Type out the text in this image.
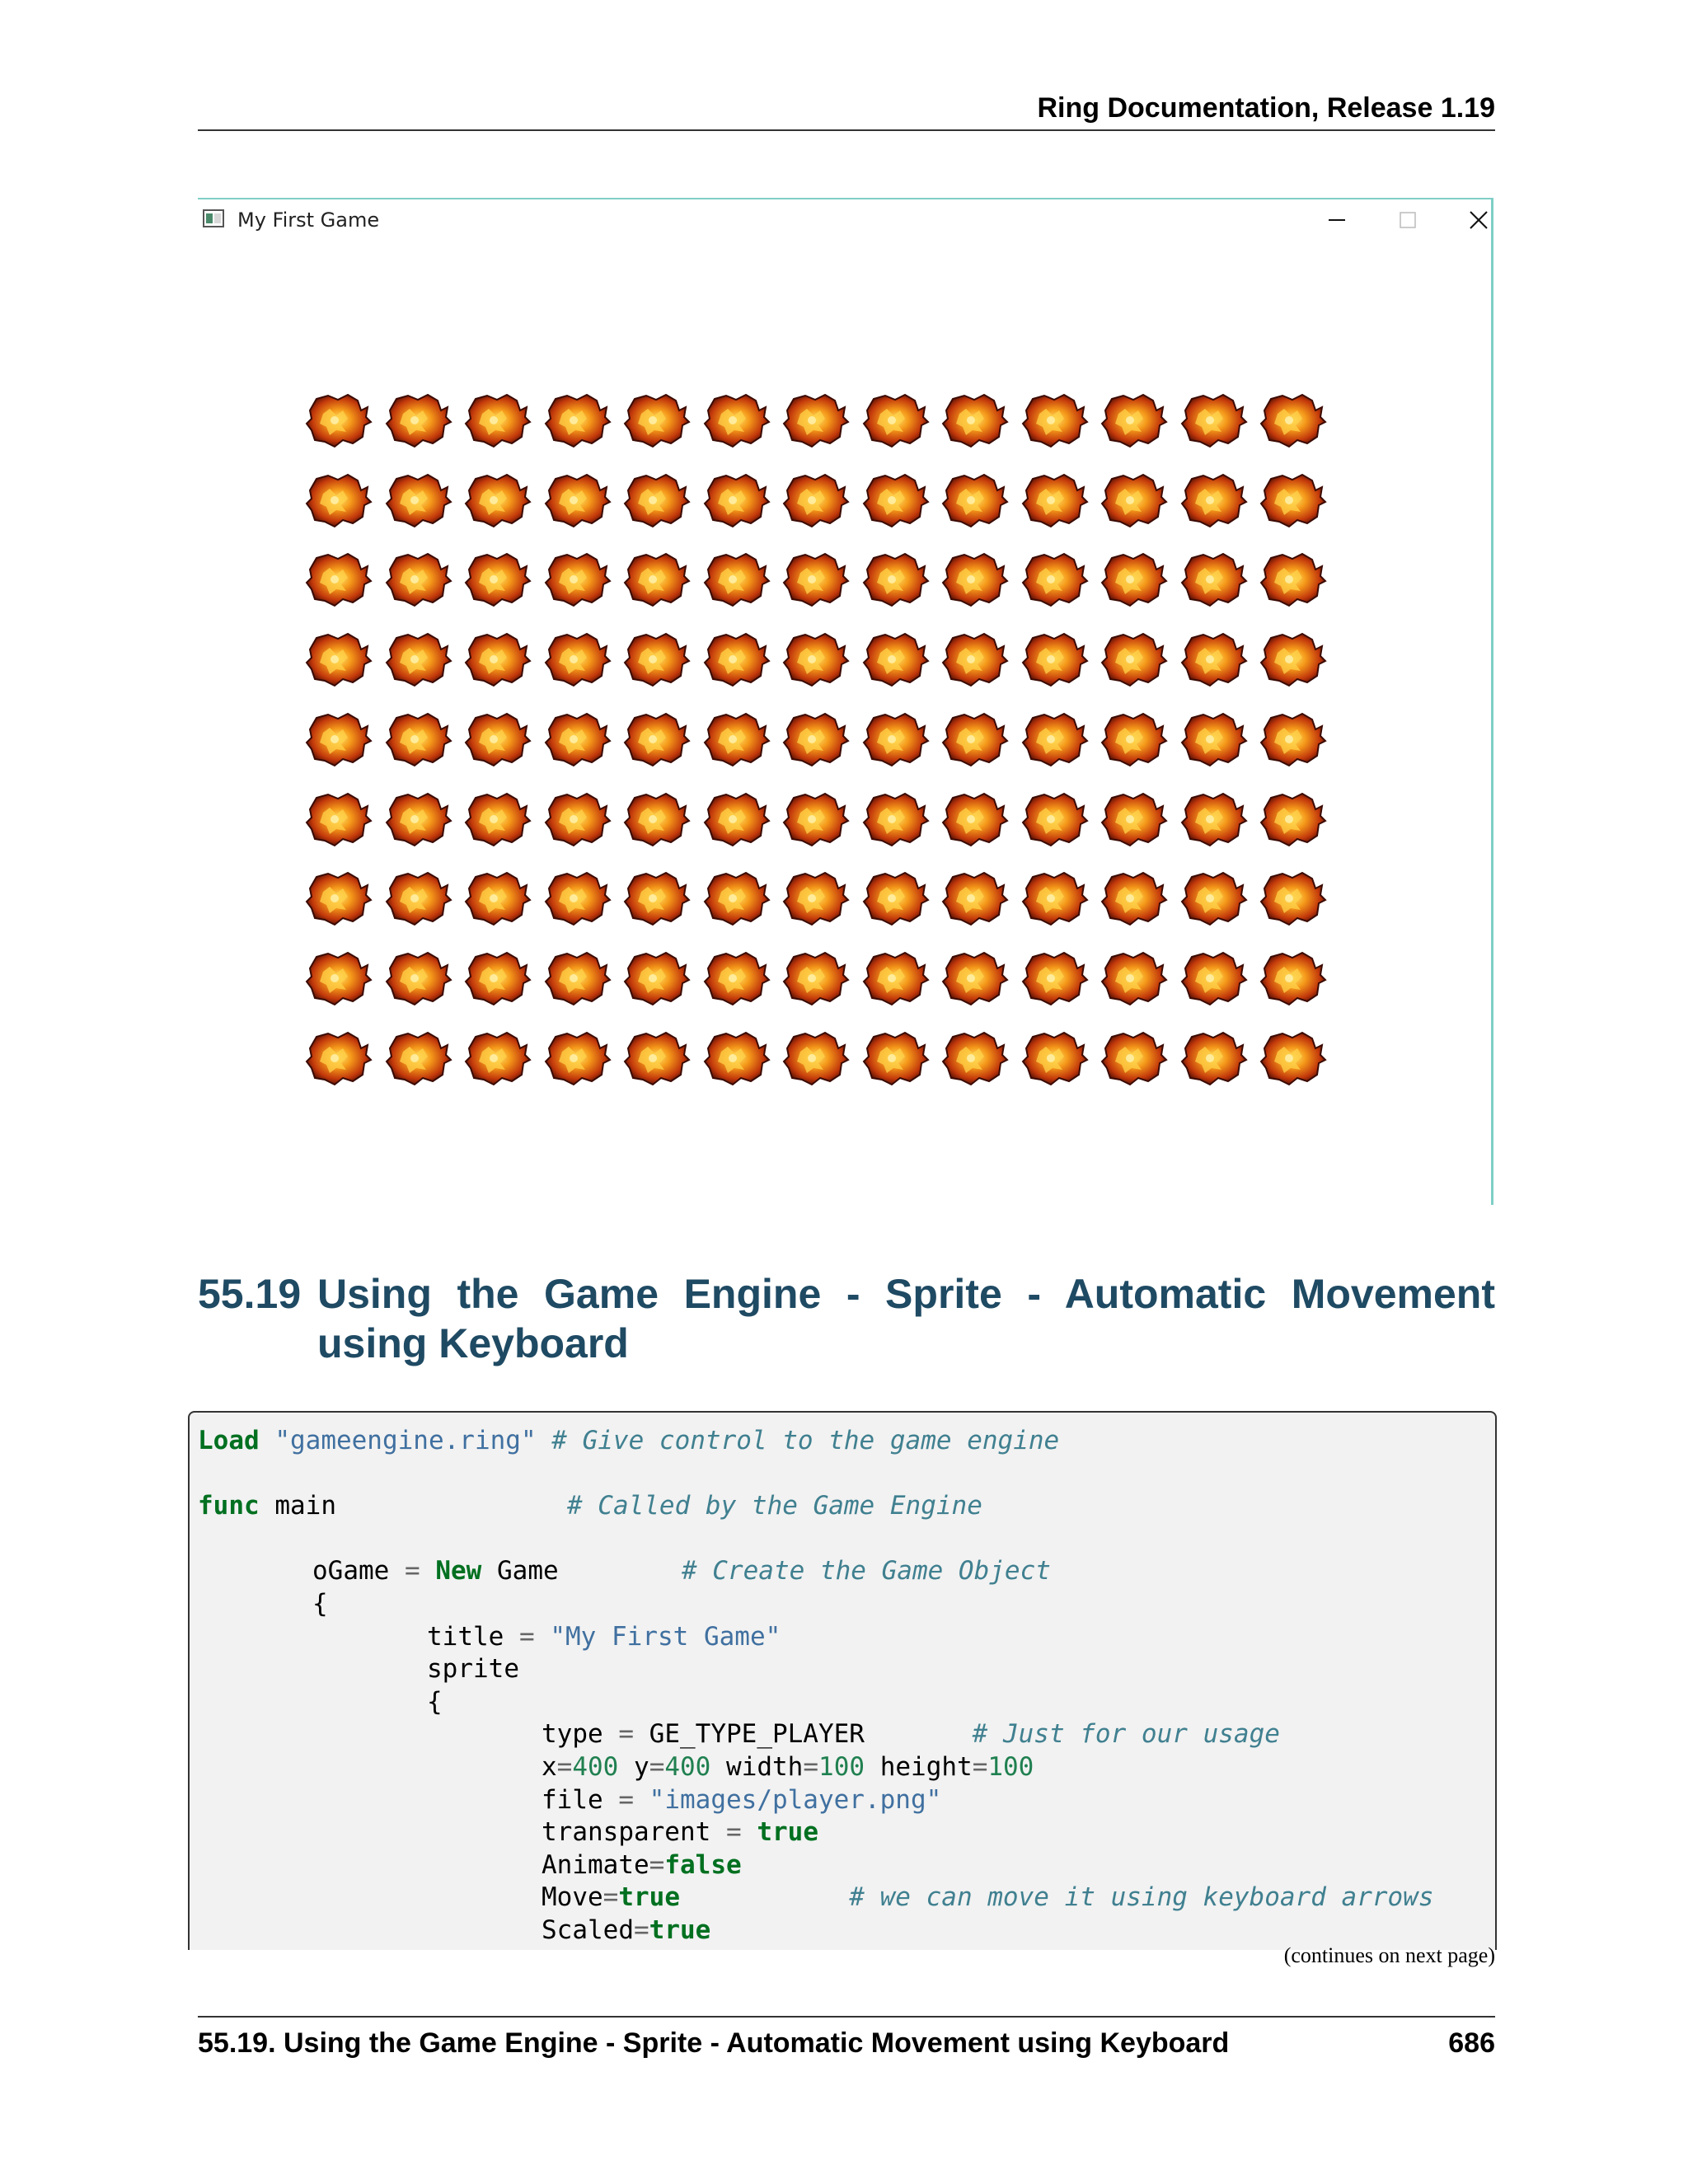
Ring Documentation, Release 1.19
My First Game
55.19 Using the Game Engine - Sprite - Automatic Movement using Keyboard
Load "gameengine.ring" # Give control to the game engine
func main	# Called by the Game Engine
oGame = New Game	# Create the Game Object
{
title = "My First Game"
sprite
{
type = GE_TYPE_PLAYER	# Just for our usage
x=400 y=400 width=100 height=100
file = "images/player.png"
transparent = true
Animate=false
Move=true	# we can move it using keyboard arrows
Scaled=true
(continues on next page)
55.19. Using the Game Engine - Sprite - Automatic Movement using Keyboard	686
